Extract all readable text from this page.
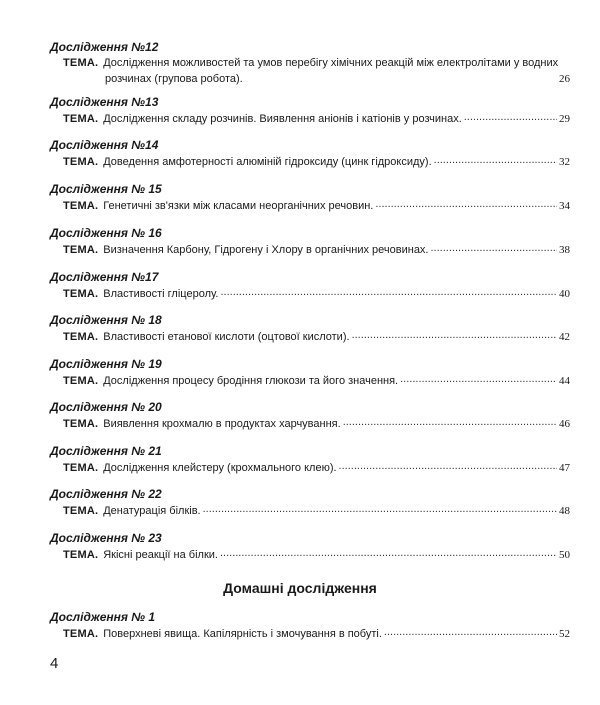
Дослідження №12
ТЕМА. Дослідження можливостей та умов перебігу хімічних реакцій між електролітами у водних
розчинах (групова робота).	26
Дослідження №13
ТЕМА. Дослідження складу розчинів. Виявлення аніонів і катіонів у розчинах. .....	29
Дослідження №14
ТЕМА. Доведення амфотерності алюміній гідроксиду (цинк гідроксиду). .....	32
Дослідження № 15
ТЕМА. Генетичні зв'язки між класами неорганічних речовин. .....	34
Дослідження № 16
ТЕМА. Визначення Карбону, Гідрогену і Хлору в органічних речовинах. .....	38
Дослідження №17
ТЕМА. Властивості гліцеролу. .....	40
Дослідження № 18
ТЕМА. Властивості етанової кислоти (оцтової кислоти). .....	42
Дослідження № 19
ТЕМА. Дослідження процесу бродіння глюкози та його значення. .....	44
Дослідження № 20
ТЕМА. Виявлення крохмалю в продуктах харчування. .....	46
Дослідження № 21
ТЕМА. Дослідження клейстеру (крохмального клею). .....	47
Дослідження № 22
ТЕМА. Денатурація білків. .....	48
Дослідження № 23
ТЕМА. Якісні реакції на білки. .....	50
Домашні дослідження
Дослідження № 1
ТЕМА. Поверхневі явища. Капілярність і змочування в побуті. .....	52
4
